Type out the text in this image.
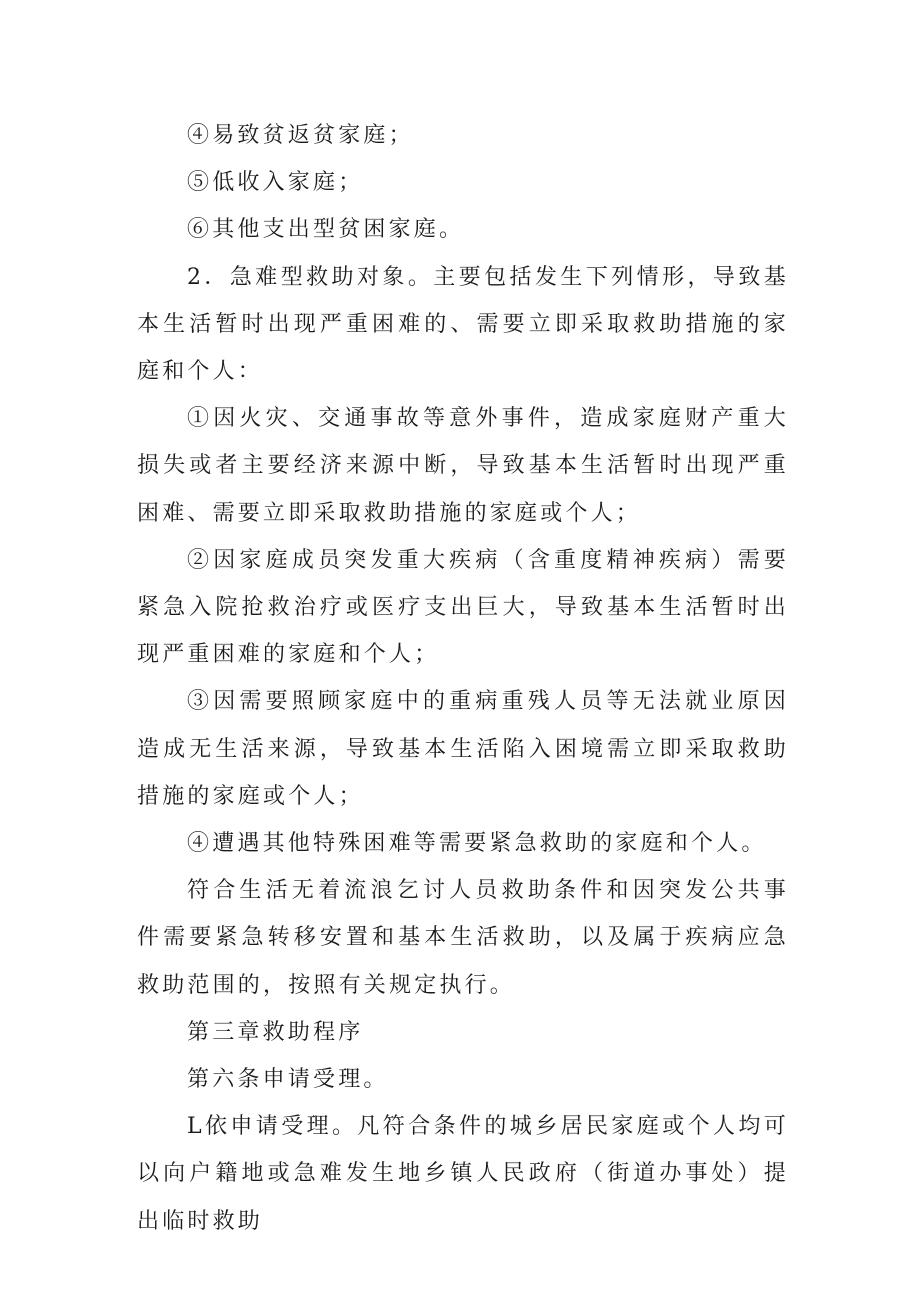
④易致贫返贫家庭；

⑤低收入家庭；

⑥其他支出型贫困家庭。

2．急难型救助对象。主要包括发生下列情形，导致基本生活暂时出现严重困难的、需要立即采取救助措施的家庭和个人：

①因火灾、交通事故等意外事件，造成家庭财产重大损失或者主要经济来源中断，导致基本生活暂时出现严重困难、需要立即采取救助措施的家庭或个人；

②因家庭成员突发重大疾病（含重度精神疾病）需要紧急入院抢救治疗或医疗支出巨大，导致基本生活暂时出现严重困难的家庭和个人；

③因需要照顾家庭中的重病重残人员等无法就业原因造成无生活来源，导致基本生活陷入困境需立即采取救助措施的家庭或个人；

④遭遇其他特殊困难等需要紧急救助的家庭和个人。

符合生活无着流浪乞讨人员救助条件和因突发公共事件需要紧急转移安置和基本生活救助，以及属于疾病应急救助范围的，按照有关规定执行。

第三章救助程序

第六条申请受理。

L依申请受理。凡符合条件的城乡居民家庭或个人均可以向户籍地或急难发生地乡镇人民政府（街道办事处）提出临时救助
